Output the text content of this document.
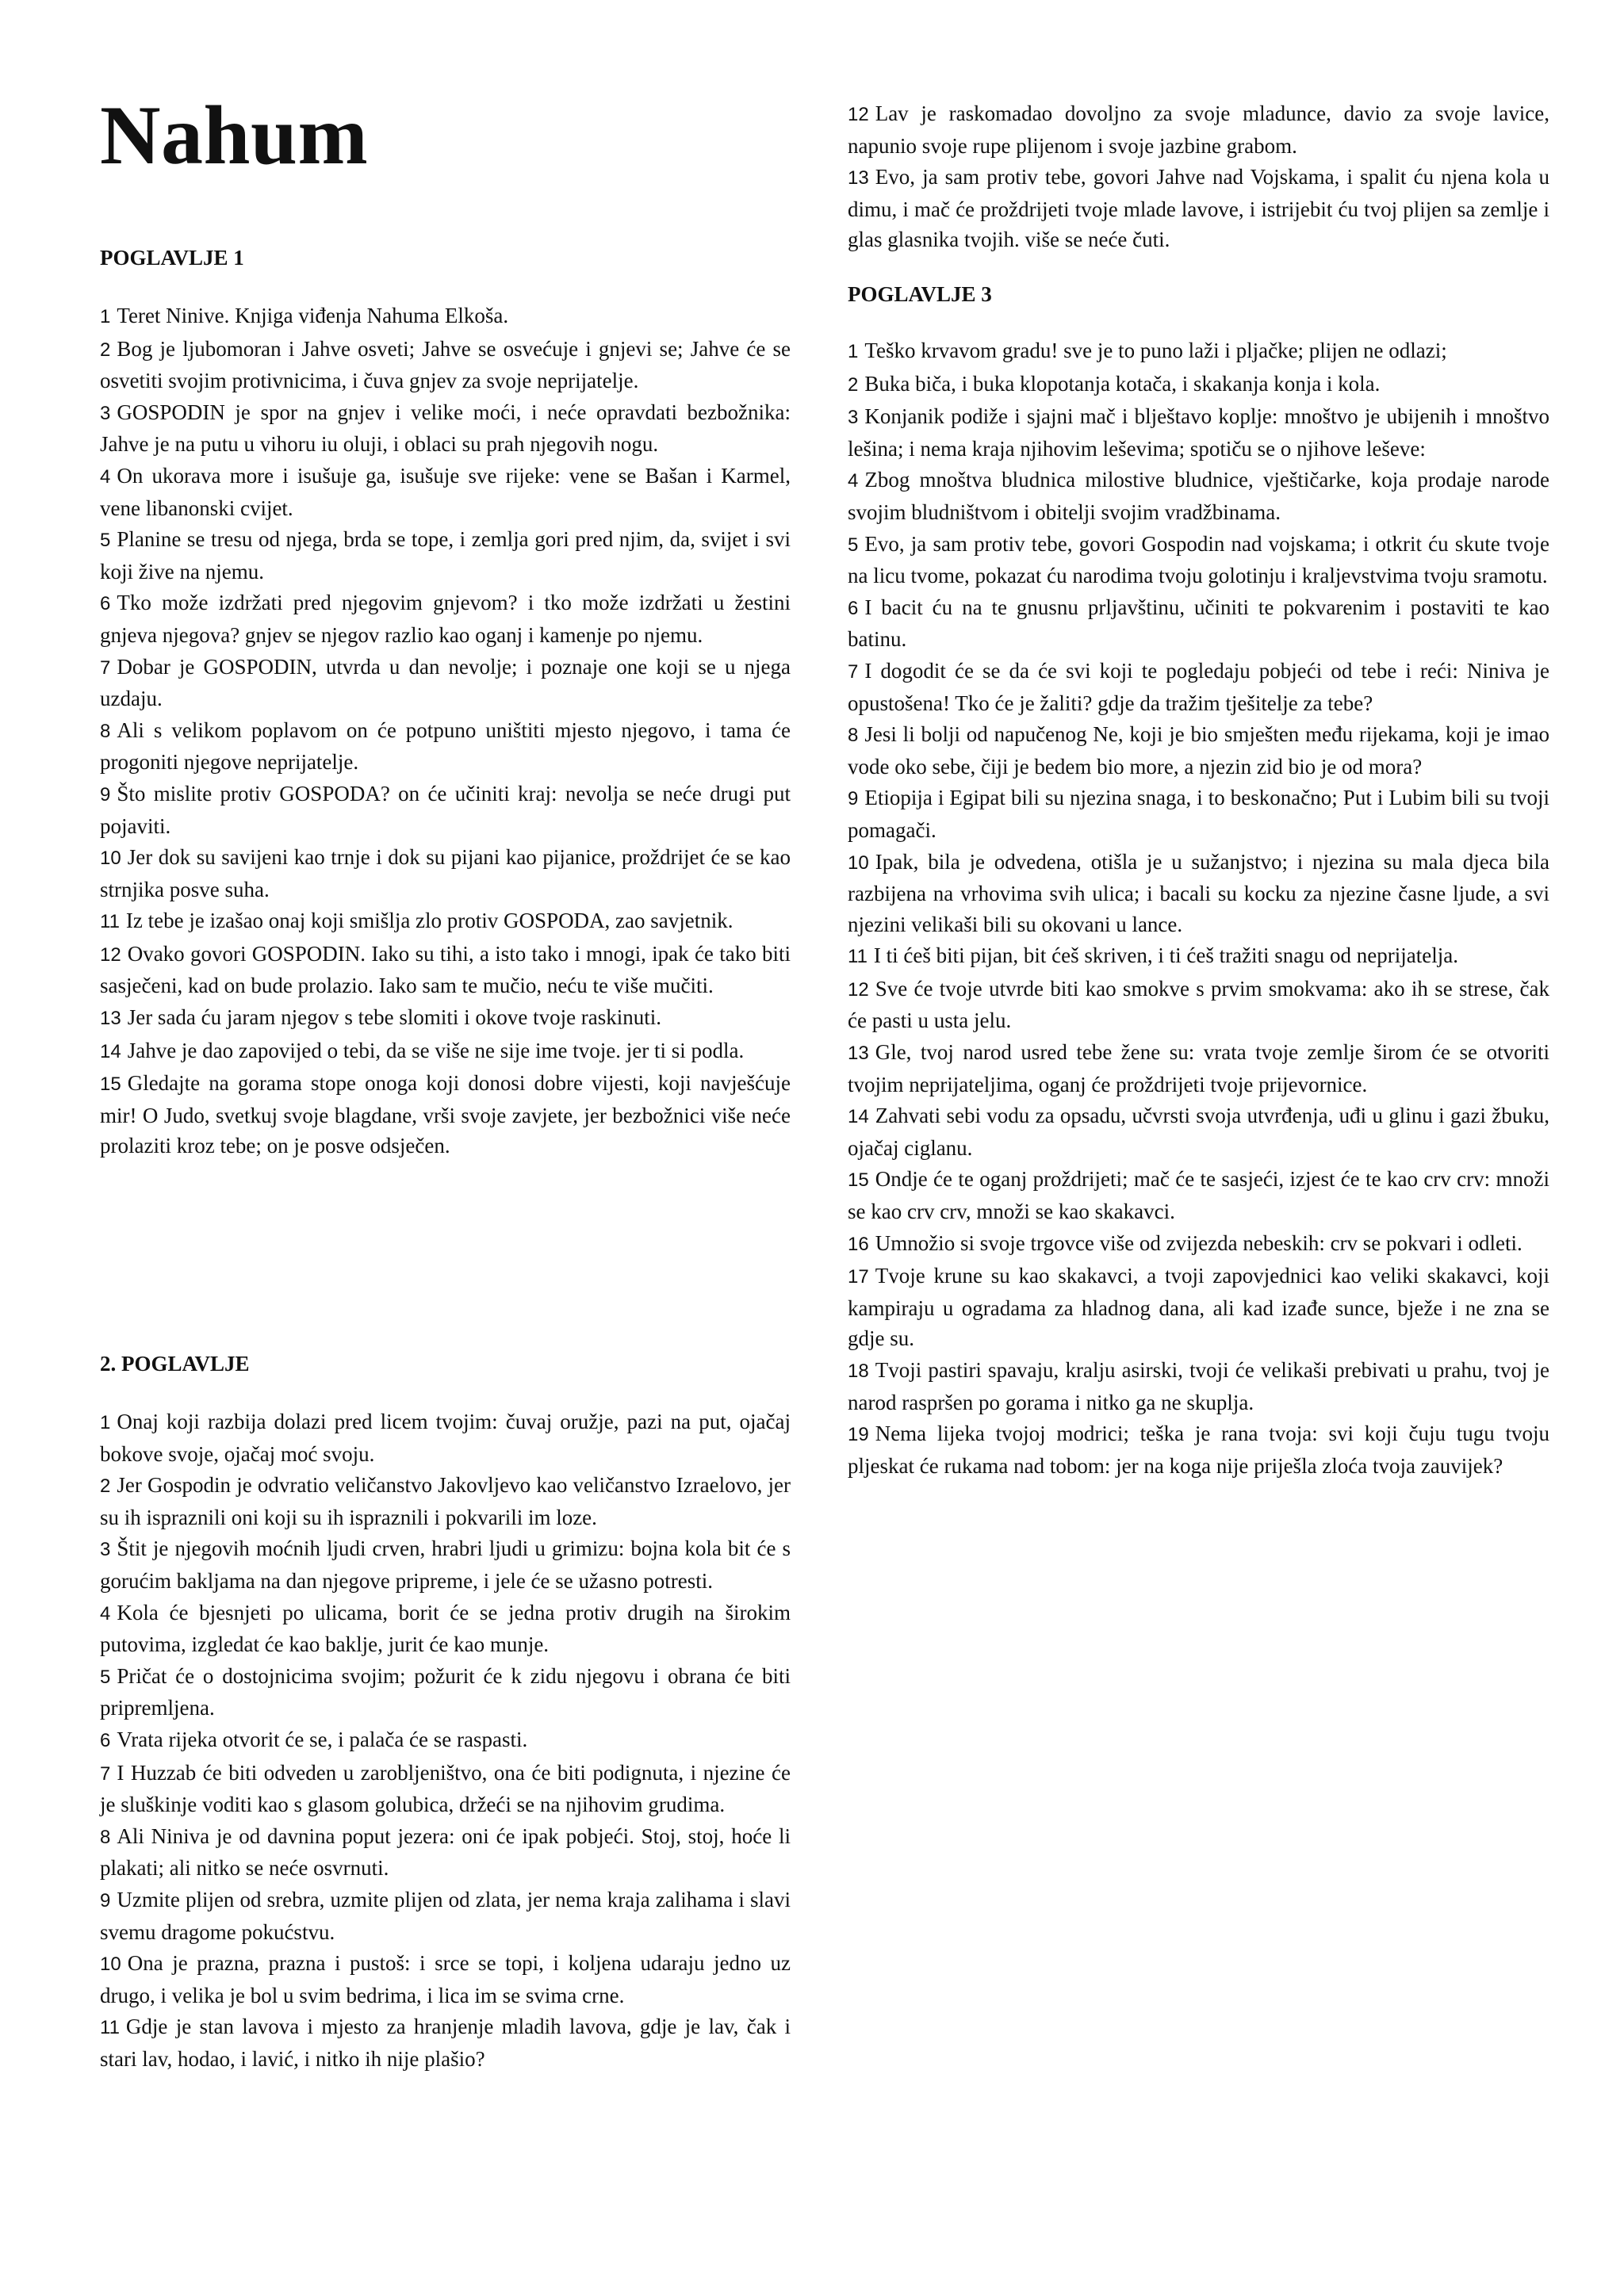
Nahum
POGLAVLJE 1

1 Teret Ninive. Knjiga viđenja Nahuma Elkoša.

2 Bog je ljubomoran i Jahve osveti; Jahve se osvećuje i gnjevi se; Jahve će se osvetiti svojim protivnicima, i čuva gnjev za svoje neprijatelje.

3 GOSPODIN je spor na gnjev i velike moći, i neće opravdati bezbožnika: Jahve je na putu u vihoru iu oluji, i oblaci su prah njegovih nogu.

4 On ukorava more i isušuje ga, isušuje sve rijeke: vene se Bašan i Karmel, vene libanonski cvijet.

5 Planine se tresu od njega, brda se tope, i zemlja gori pred njim, da, svijet i svi koji žive na njemu.

6 Tko može izdržati pred njegovim gnjevom? i tko može izdržati u žestini gnjeva njegova? gnjev se njegov razlio kao oganj i kamenje po njemu.

7 Dobar je GOSPODIN, utvrda u dan nevolje; i poznaje one koji se u njega uzdaju.

8 Ali s velikom poplavom on će potpuno uništiti mjesto njegovo, i tama će progoniti njegove neprijatelje.

9 Što mislite protiv GOSPODA? on će učiniti kraj: nevolja se neće drugi put pojaviti.

10 Jer dok su savijeni kao trnje i dok su pijani kao pijanice, proždrijet će se kao strnjika posve suha.

11 Iz tebe je izašao onaj koji smišlja zlo protiv GOSPODA, zao savjetnik.

12 Ovako govori GOSPODIN. Iako su tihi, a isto tako i mnogi, ipak će tako biti sasječeni, kad on bude prolazio. Iako sam te mučio, neću te više mučiti.

13 Jer sada ću jaram njegov s tebe slomiti i okove tvoje raskinuti.

14 Jahve je dao zapovijed o tebi, da se više ne sije ime tvoje. jer ti si podla.

15 Gledajte na gorama stope onoga koji donosi dobre vijesti, koji navješćuje mir! O Judo, svetkuj svoje blagdane, vrši svoje zavjete, jer bezbožnici više neće prolaziti kroz tebe; on je posve odsječen.

2. POGLAVLJE

1 Onaj koji razbija dolazi pred licem tvojim: čuvaj oružje, pazi na put, ojačaj bokove svoje, ojačaj moć svoju.

2 Jer Gospodin je odvratio veličanstvo Jakovljevo kao veličanstvo Izraelovo, jer su ih ispraznili oni koji su ih ispraznili i pokvarili im loze.

3 Štit je njegovih moćnih ljudi crven, hrabri ljudi u grimizu: bojna kola bit će s gorućim bakljama na dan njegove pripreme, i jele će se užasno potresti.

4 Kola će bjesnjeti po ulicama, borit će se jedna protiv drugih na širokim putovima, izgledat će kao baklje, jurit će kao munje.

5 Pričat će o dostojnicima svojim; požurit će k zidu njegovu i obrana će biti pripremljena.

6 Vrata rijeka otvorit će se, i palača će se raspasti.

7 I Huzzab će biti odveden u zarobljeništvo, ona će biti podignuta, i njezine će je sluškinje voditi kao s glasom golubica, držeći se na njihovim grudima.

8 Ali Niniva je od davnina poput jezera: oni će ipak pobjeći. Stoj, stoj, hoće li plakati; ali nitko se neće osvrnuti.

9 Uzmite plijen od srebra, uzmite plijen od zlata, jer nema kraja zalihama i slavi svemu dragome pokućstvu.

10 Ona je prazna, prazna i pustoš: i srce se topi, i koljena udaraju jedno uz drugo, i velika je bol u svim bedrima, i lica im se svima crne.

11 Gdje je stan lavova i mjesto za hranjenje mladih lavova, gdje je lav, čak i stari lav, hodao, i lavić, i nitko ih nije plašio?

12 Lav je raskomadao dovoljno za svoje mladunce, davio za svoje lavice, napunio svoje rupe plijenom i svoje jazbine grabom.

13 Evo, ja sam protiv tebe, govori Jahve nad Vojskama, i spalit ću njena kola u dimu, i mač će proždrijeti tvoje mlade lavove, i istrijebit ću tvoj plijen sa zemlje i glas glasnika tvojih. više se neće čuti.

POGLAVLJE 3

1 Teško krvavom gradu! sve je to puno laži i pljačke; plijen ne odlazi;

2 Buka biča, i buka klopotanja kotača, i skakanja konja i kola.

3 Konjanik podiže i sjajni mač i blještavo koplje: mnoštvo je ubijenih i mnoštvo lešina; i nema kraja njihovim leševima; spotiču se o njihove leševe:

4 Zbog mnoštva bludnica milostive bludnice, vještičarke, koja prodaje narode svojim bludništvom i obitelji svojim vradžbinama.

5 Evo, ja sam protiv tebe, govori Gospodin nad vojskama; i otkrit ću skute tvoje na licu tvome, pokazat ću narodima tvoju golotinju i kraljevstvima tvoju sramotu.

6 I bacit ću na te gnusnu prljavštinu, učiniti te pokvarenim i postaviti te kao batinu.

7 I dogodit će se da će svi koji te pogledaju pobjeći od tebe i reći: Niniva je opustošena! Tko će je žaliti? gdje da tražim tješitelje za tebe?

8 Jesi li bolji od napučenog Ne, koji je bio smješten među rijekama, koji je imao vode oko sebe, čiji je bedem bio more, a njezin zid bio je od mora?

9 Etiopija i Egipat bili su njezina snaga, i to beskonačno; Put i Lubim bili su tvoji pomagači.

10 Ipak, bila je odvedena, otišla je u sužanjstvo; i njezina su mala djeca bila razbijena na vrhovima svih ulica; i bacali su kocku za njezine časne ljude, a svi njezini velikaši bili su okovani u lance.

11 I ti ćeš biti pijan, bit ćeš skriven, i ti ćeš tražiti snagu od neprijatelja.

12 Sve će tvoje utvrde biti kao smokve s prvim smokvama: ako ih se strese, čak će pasti u usta jelu.

13 Gle, tvoj narod usred tebe žene su: vrata tvoje zemlje širom će se otvoriti tvojim neprijateljima, oganj će proždrijeti tvoje prijevornice.

14 Zahvati sebi vodu za opsadu, učvrsti svoja utvrđenja, uđi u glinu i gazi žbuku, ojačaj ciglanu.

15 Ondje će te oganj proždrijeti; mač će te sasjeći, izjest će te kao crv crv: množi se kao crv crv, množi se kao skakavci.

16 Umnožio si svoje trgovce više od zvijezda nebeskih: crv se pokvari i odleti.

17 Tvoje krune su kao skakavci, a tvoji zapovjednici kao veliki skakavci, koji kampiraju u ogradama za hladnog dana, ali kad izađe sunce, bježe i ne zna se gdje su.

18 Tvoji pastiri spavaju, kralju asirski, tvoji će velikaši prebivati u prahu, tvoj je narod raspršen po gorama i nitko ga ne skuplja.

19 Nema lijeka tvojoj modrici; teška je rana tvoja: svi koji čuju tugu tvoju pljeskat će rukama nad tobom: jer na koga nije priješla zloća tvoja zauvijek?
